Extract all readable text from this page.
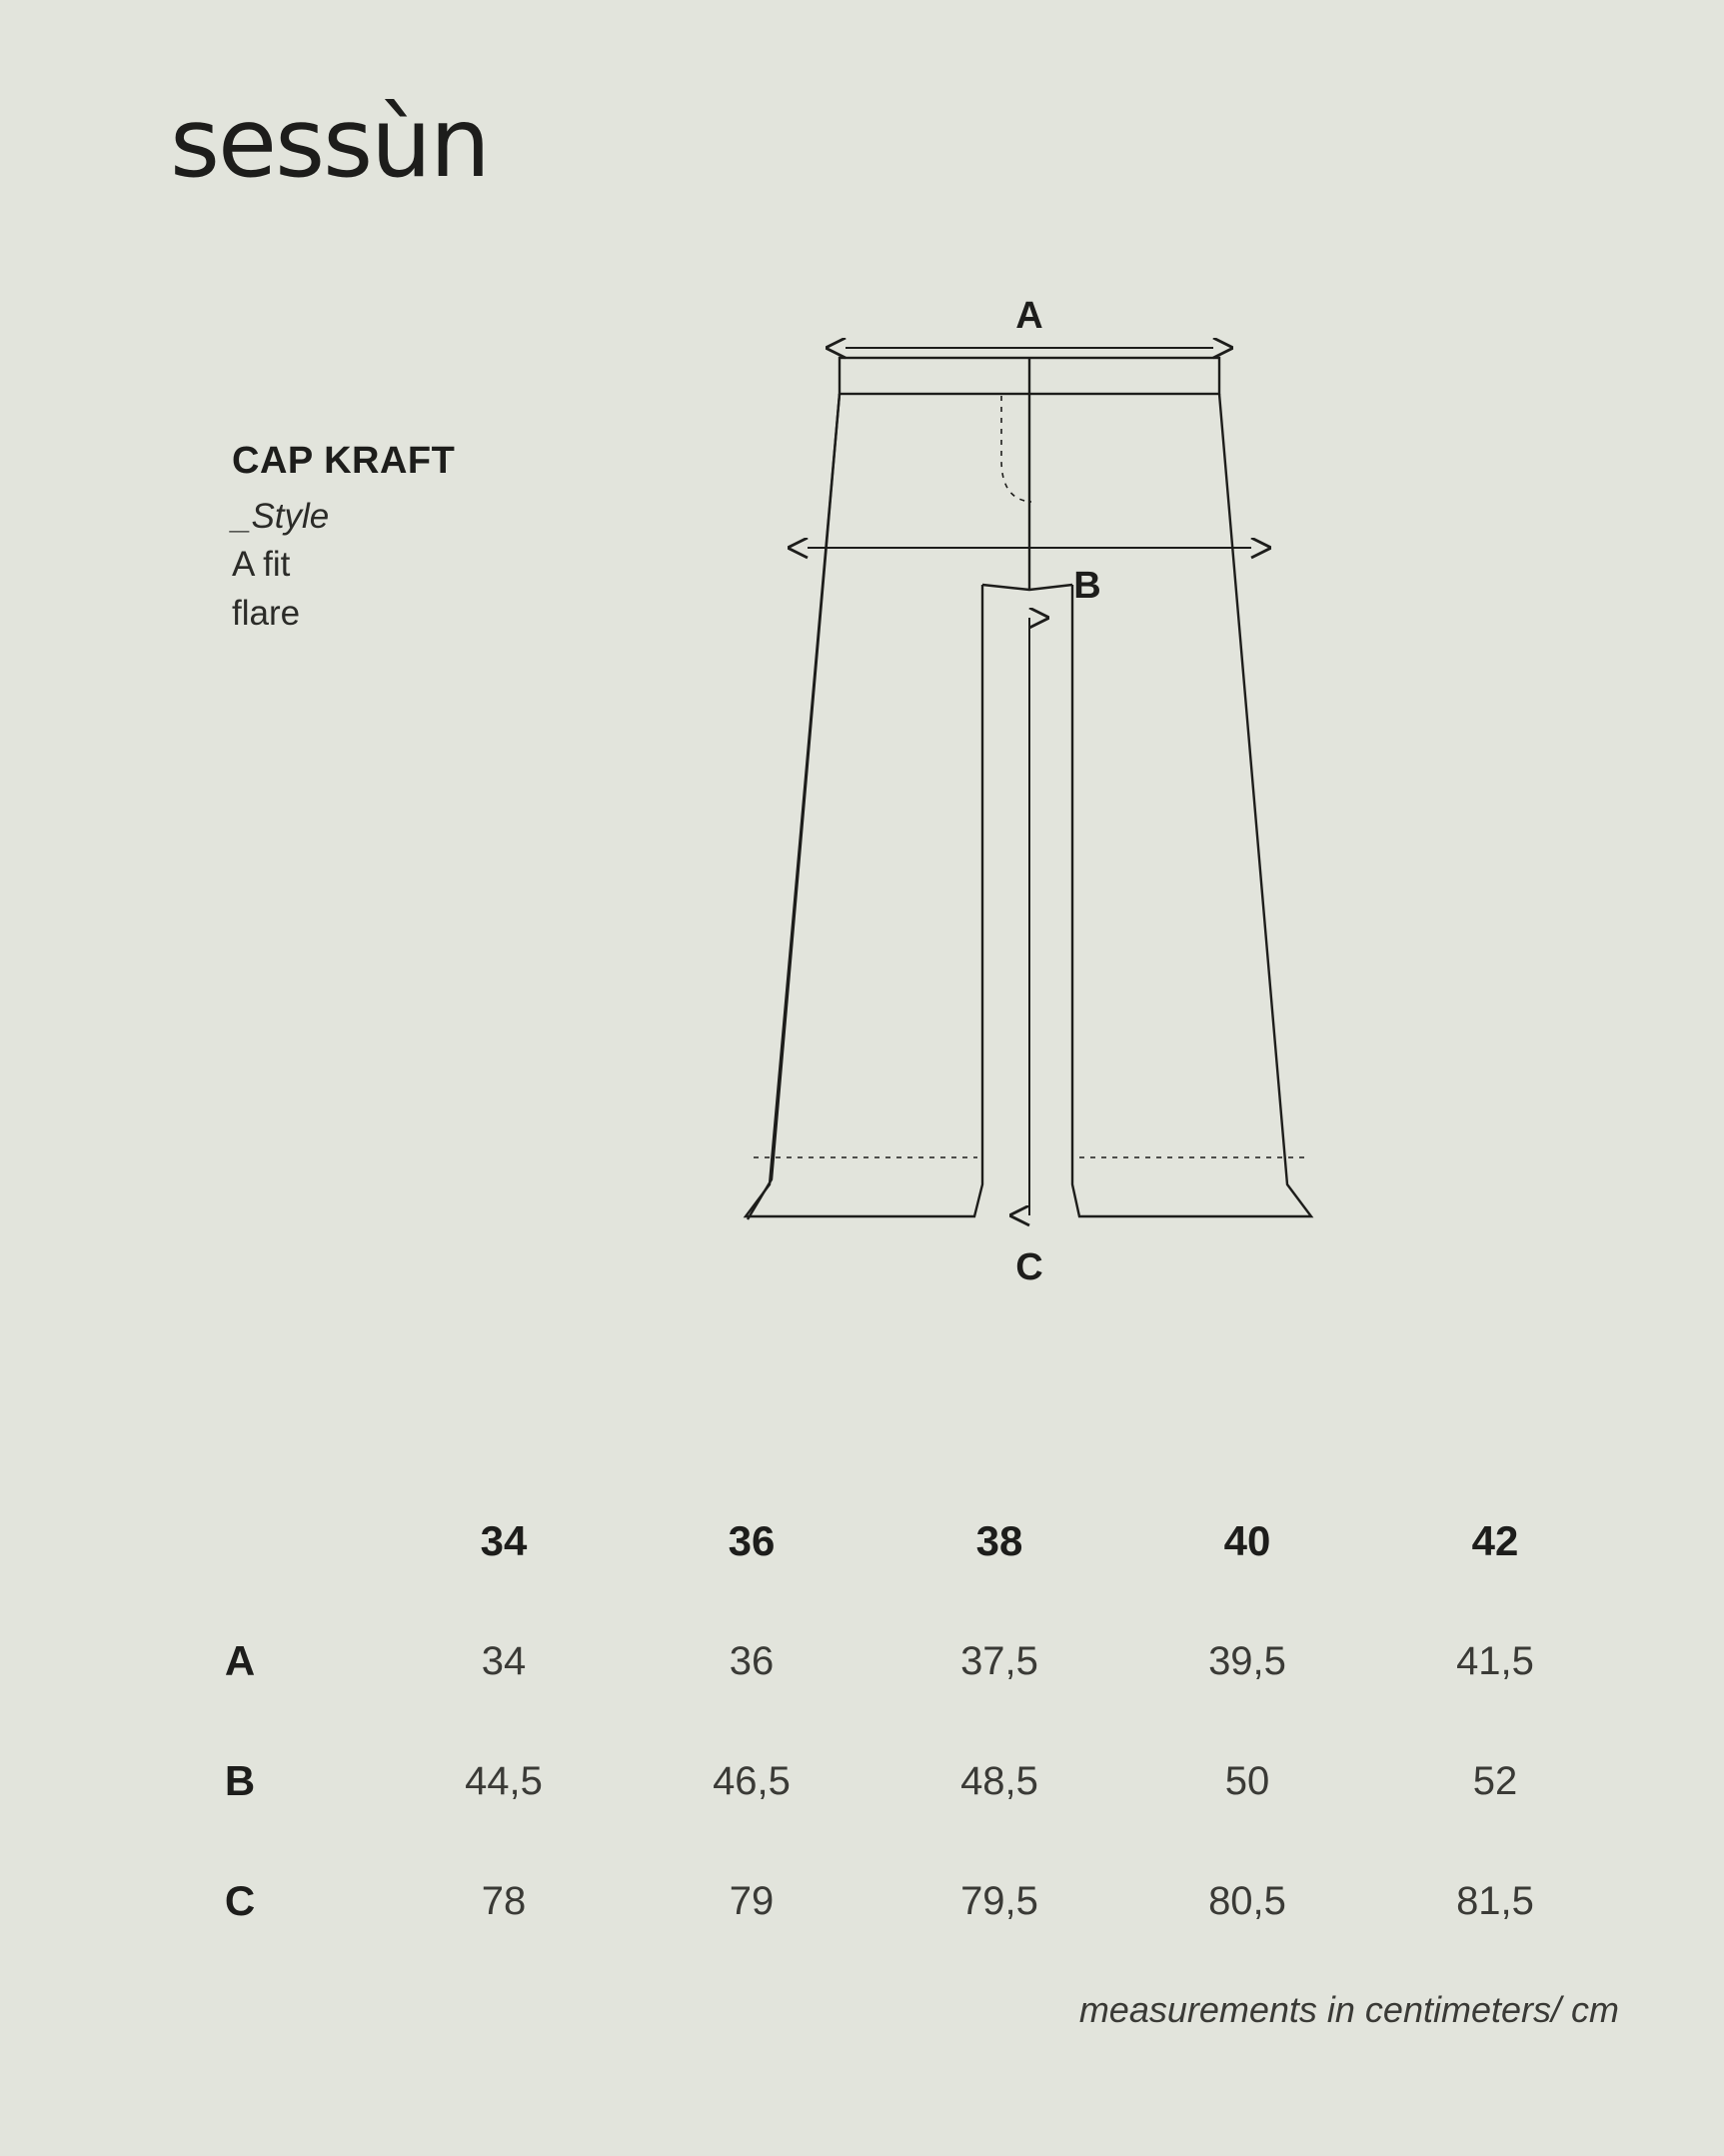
sessùn
CAP KRAFT
_Style
A fit
flare
A
B
C
	34	36	38	40	42
A	34	36	37,5	39,5	41,5
B	44,5	46,5	48,5	50	52
C	78	79	79,5	80,5	81,5
measurements in centimeters/ cm
